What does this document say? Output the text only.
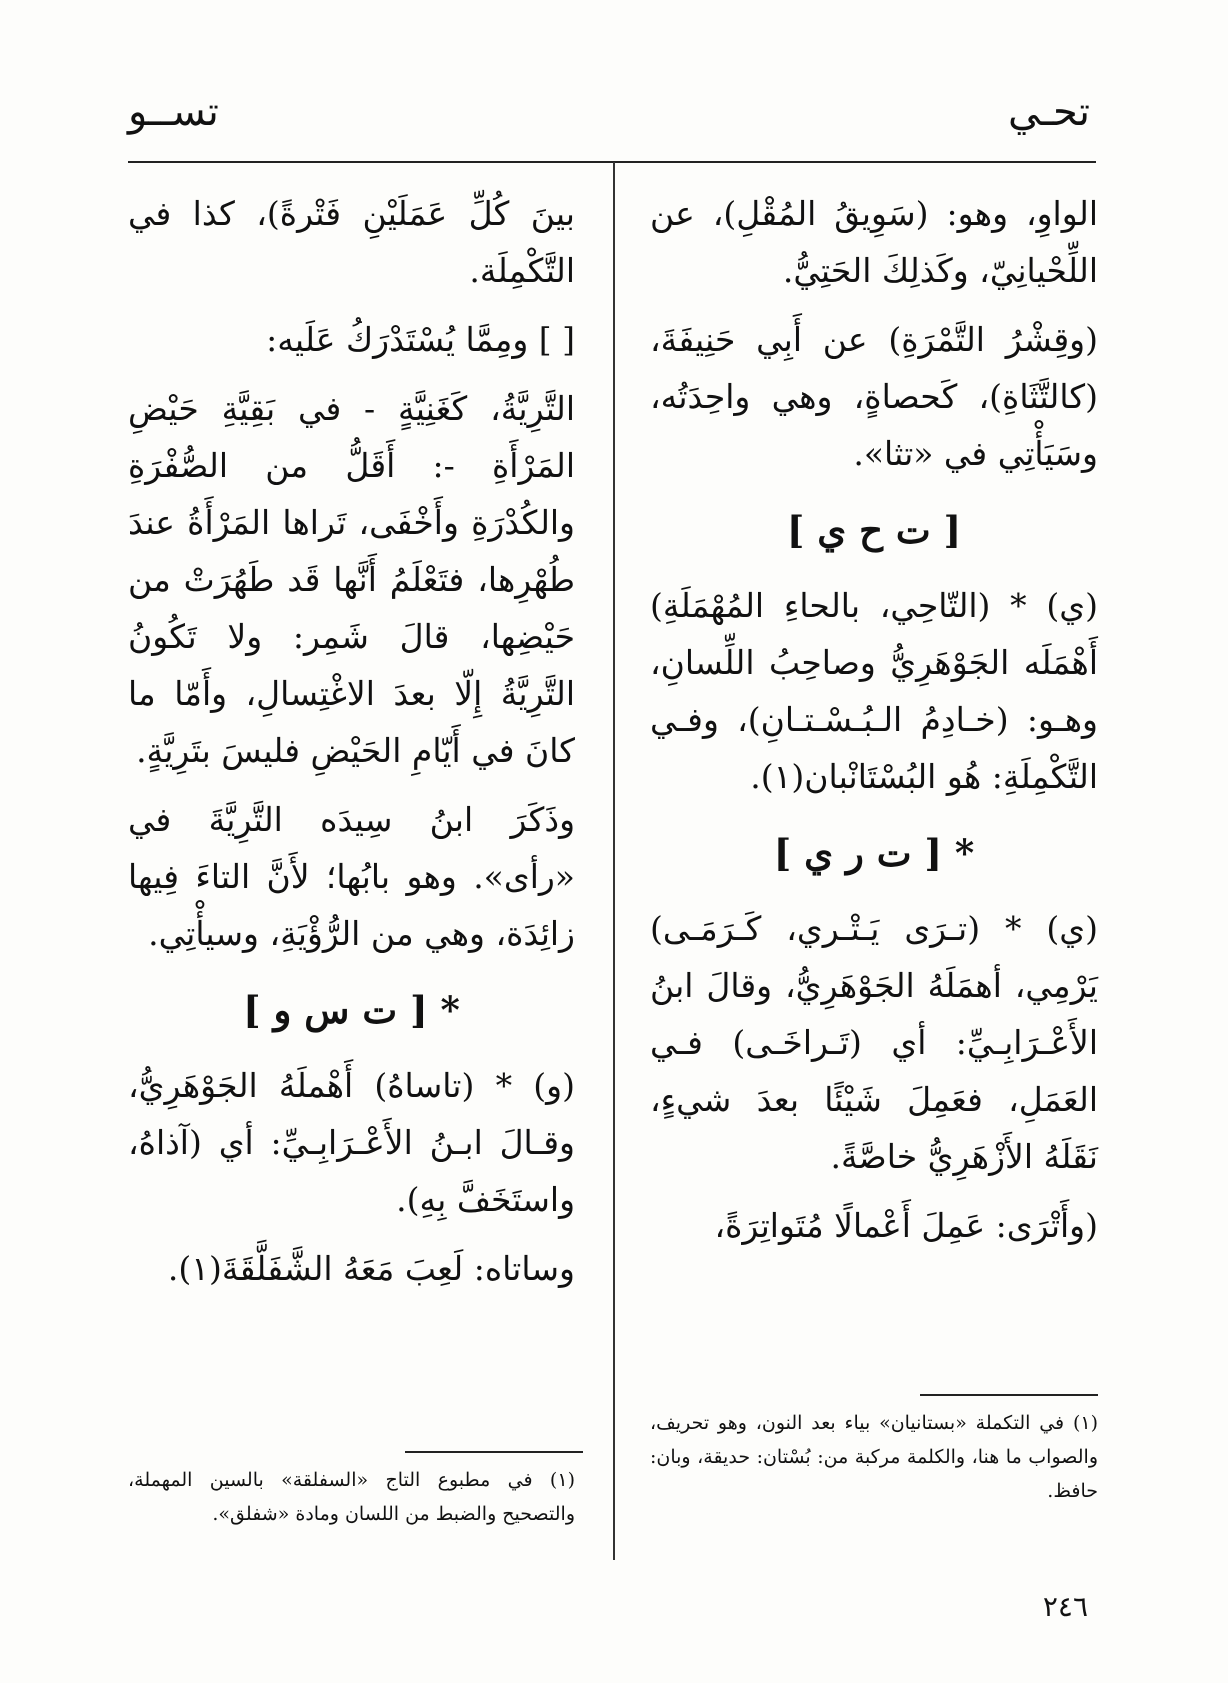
تحـي
تســو

الواوِ، وهو: (سَوِيقُ المُقْلِ)، عن اللِّحْيانِيّ، وكَذلِكَ الحَتِيُّ.

(وقِشْرُ التَّمْرَةِ) عن أَبِي حَنِيفَةَ، (كالتَّثَاةِ)، كَحصاةٍ، وهي واحِدَتُه، وسَيَأْتِي في «تثا».

[ ت ح ي ]

(ي) * (التّاحِي، بالحاءِ المُهْمَلَةِ) أَهْمَلَه الجَوْهَرِيُّ وصاحِبُ اللِّسانِ، وهـو: (خـادِمُ الـبُـسْـتـانِ)، وفـي التَّكْمِلَةِ: هُو البُسْتَانْبان(١).

* [ ت ر ي ]

(ي) * (تـرَى يَـتْـري، كَـرَمَـى) يَرْمِي، أهمَلَهُ الجَوْهَرِيُّ، وقالَ ابنُ الأَعْـرَابِـيِّ: أي (تَـراخَـى) فـي العَمَلِ، فعَمِلَ شَيْئًا بعدَ شيءٍ، نَقَلَهُ الأَزْهَرِيُّ خاصَّةً.

(وأَتْرَى: عَمِلَ أَعْمالًا مُتَواتِرَةً،

بينَ كُلِّ عَمَلَيْنِ فَتْرةً)، كذا في التَّكْمِلَة.

[ ] ومِمَّا يُسْتَدْرَكُ عَلَيه:

التَّرِيَّةُ، كَغَنِيَّةٍ - في بَقِيَّةِ حَيْضِ المَرْأَةِ -: أَقَلُّ من الصُّفْرَةِ والكُدْرَةِ وأَخْفَى، تَراها المَرْأَةُ عندَ طُهْرِها، فتَعْلَمُ أَنَّها قَد طَهُرَتْ من حَيْضِها، قالَ شَمِر: ولا تَكُونُ التَّرِيَّةُ إِلّا بعدَ الاغْتِسالِ، وأَمّا ما كانَ في أَيّامِ الحَيْضِ فليسَ بتَرِيَّةٍ.

وذَكَرَ ابنُ سِيدَه التَّرِيَّةَ في «رأى». وهو بابُها؛ لأَنَّ التاءَ فِيها زائِدَة، وهي من الرُّؤْيَةِ، وسيأْتِي.

* [ ت س و ]

(و) * (تاساهُ) أَهْملَهُ الجَوْهَرِيُّ، وقـالَ ابـنُ الأَعْـرَابِـيِّ: أي (آذاهُ، واستَخَفَّ بِهِ).

وساتاه: لَعِبَ مَعَهُ الشَّفَلَّقَةَ(١).

(١) في التكملة «بستانيان» بياء بعد النون، وهو تحريف، والصواب ما هنا، والكلمة مركبة من: بُسْتان: حديقة، وبان: حافظ.

(١) في مطبوع التاج «السفلقة» بالسين المهملة، والتصحيح والضبط من اللسان ومادة «شفلق».

٢٤٦
